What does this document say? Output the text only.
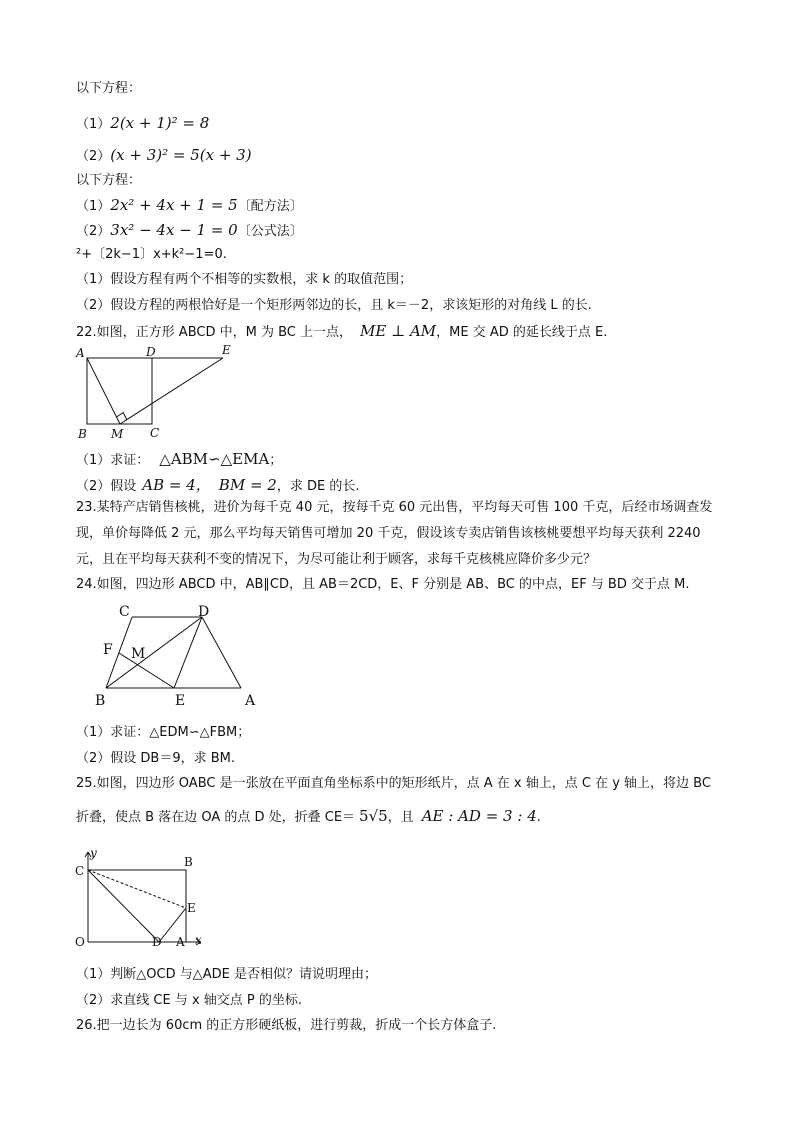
以下方程：
（1）2(x + 1)² = 8
（2）(x + 3)² = 5(x + 3)
以下方程：
（1）2x² + 4x + 1 = 5〔配方法〕
（2）3x² − 4x − 1 = 0〔公式法〕
²+〔2k−1〕x+k²−1=0.
（1）假设方程有两个不相等的实数根，求 k 的取值范围；
（2）假设方程的两根恰好是一个矩形两邻边的长，且 k＝－2，求该矩形的对角线 L 的长.
22.如图，正方形 ABCD 中，M 为 BC 上一点， ME ⊥ AM，ME 交 AD 的延长线于点 E.
A	D	E
B M C
（1）求证： △ABM∽△EMA；
（2）假设 AB = 4， BM = 2，求 DE 的长.
23.某特产店销售核桃，进价为每千克 40 元，按每千克 60 元出售，平均每天可售 100 千克，后经市场调查发现，单价每降低 2 元，那么平均每天销售可增加 20 千克，假设该专卖店销售该核桃要想平均每天获利 2240 元，且在平均每天获利不变的情况下，为尽可能让利于顾客，求每千克核桃应降价多少元？
24.如图，四边形 ABCD 中，AB∥CD，且 AB＝2CD，E、F 分别是 AB、BC 的中点，EF 与 BD 交于点 M.
C	D
F M
B	E	A
（1）求证：△EDM∽△FBM；
（2）假设 DB＝9，求 BM.
25.如图，四边形 OABC 是一张放在平面直角坐标系中的矩形纸片，点 A 在 x 轴上，点 C 在 y 轴上，将边 BC
折叠，使点 B 落在边 OA 的点 D 处，折叠 CE＝ 5√5，且 AE : AD = 3 : 4.
y
C
B
E
O	D A x
（1）判断△OCD 与△ADE 是否相似？请说明理由；
（2）求直线 CE 与 x 轴交点 P 的坐标.
26.把一边长为 60cm 的正方形硬纸板，进行剪裁，折成一个长方体盒子.
